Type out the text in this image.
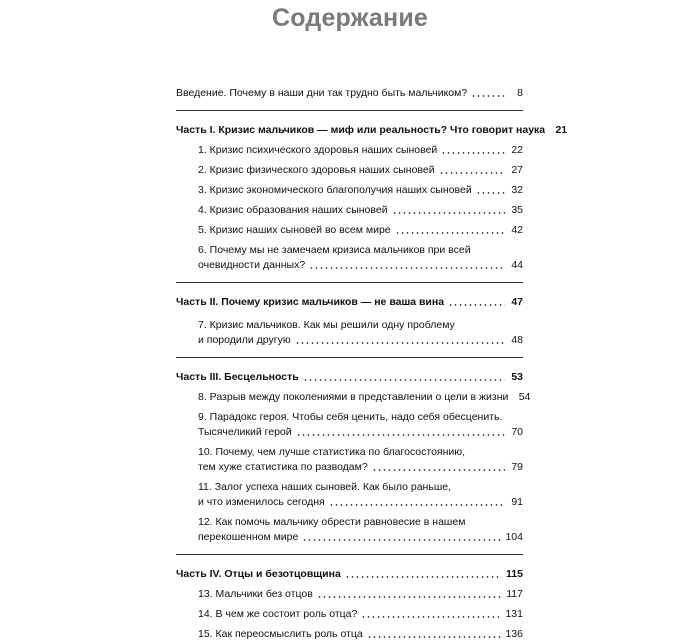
Содержание
Введение. Почему в наши дни так трудно быть мальчиком?	8
Часть I. Кризис мальчиков — миф или реальность? Что говорит наука 21
1. Кризис психического здоровья наших сыновей	22
2. Кризис физического здоровья наших сыновей	27
3. Кризис экономического благополучия наших сыновей	32
4. Кризис образования наших сыновей	35
5. Кризис наших сыновей во всем мире	42
6. Почему мы не замечаем кризиса мальчиков при всей
очевидности данных?	44
Часть II. Почему кризис мальчиков — не ваша вина	47
7. Кризис мальчиков. Как мы решили одну проблему
и породили другую	48
Часть III. Бесцельность	53
8. Разрыв между поколениями в представлении о цели в жизни 54
9. Парадокс героя. Чтобы себя ценить, надо себя обесценить.
Тысячеликий герой	70
10. Почему, чем лучше статистика по благосостоянию,
тем хуже статистика по разводам?	79
11. Залог успеха наших сыновей. Как было раньше,
и что изменилось сегодня	91
12. Как помочь мальчику обрести равновесие в нашем
перекошенном мире	104
Часть IV. Отцы и безотцовщина	115
13. Мальчики без отцов	117
14. В чем же состоит роль отца?	131
15. Как переосмыслить роль отца	136
